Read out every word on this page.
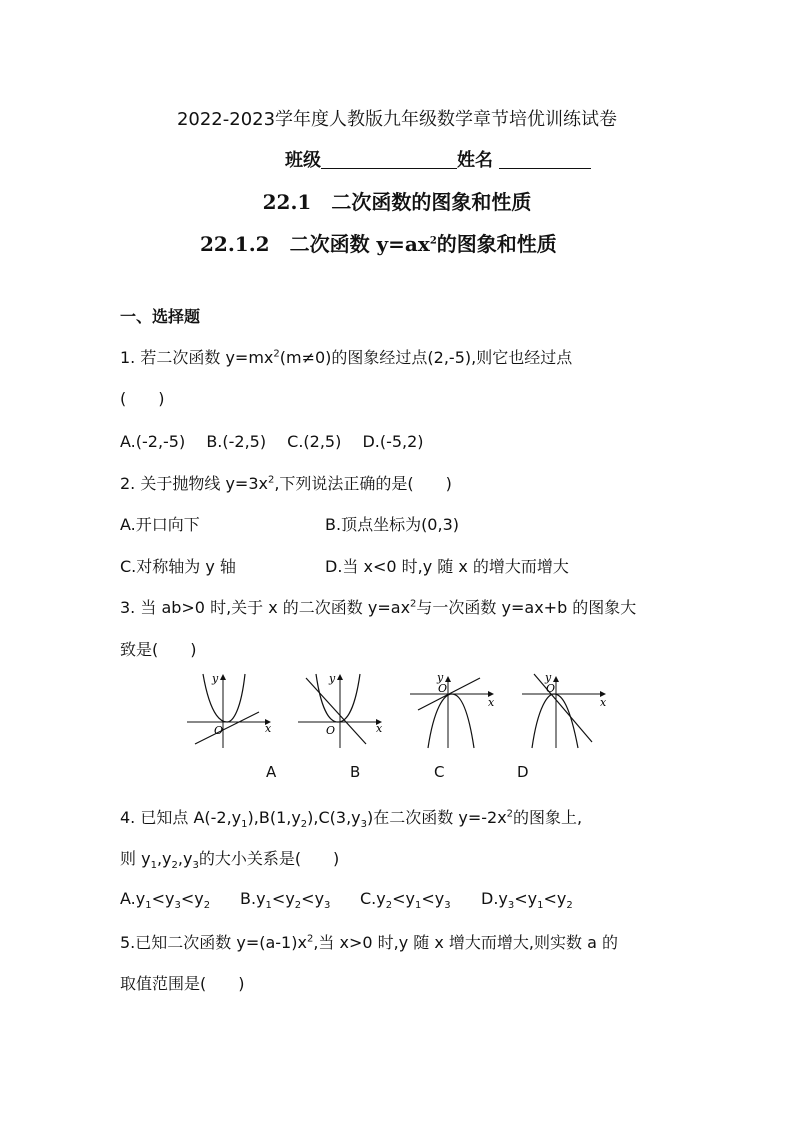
2022-2023学年度人教版九年级数学章节培优训练试卷
班级	姓名
22.1　二次函数的图象和性质
22.1.2　二次函数 $y=ax^2$的图象和性质
一、选择题
1. 若二次函数 $y=mx^2(m\ne 0)$的图象经过点(2,-5),则它也经过点
(　　)
A.(-2,-5)　 B.(-2,5)　 C.(2,5)　 D.(-5,2)
2. 关于抛物线 $y=3x^2$,下列说法正确的是(　　)
A.开口向下	B.顶点坐标为(0,3)
C.对称轴为 y 轴	D.当 x<0 时,y 随 x 的增大而增大
3. 当 ab>0 时,关于 x 的二次函数 $y=ax^2$与一次函数 y=ax+b 的图象大
致是(　　)
y
O	x
y
O	x
y
O
x
y
O
x
A	B	C	D
4. 已知点 $A(-2,y_1),B(1,y_2),C(3,y_3)$在二次函数 $y=-2x^2$的图象上,
则 $y_1,y_2,y_3$的大小关系是(　　)
$A.y_1<y_3<y_2$ $B.y_1<y_2<y_3$ $C.y_2<y_1<y_3$ $D.y_3<y_1<y_2$
5.已知二次函数 $y=(a-1)x^2$,当 x>0 时,y 随 x 增大而增大,则实数 a 的
取值范围是(　　)
